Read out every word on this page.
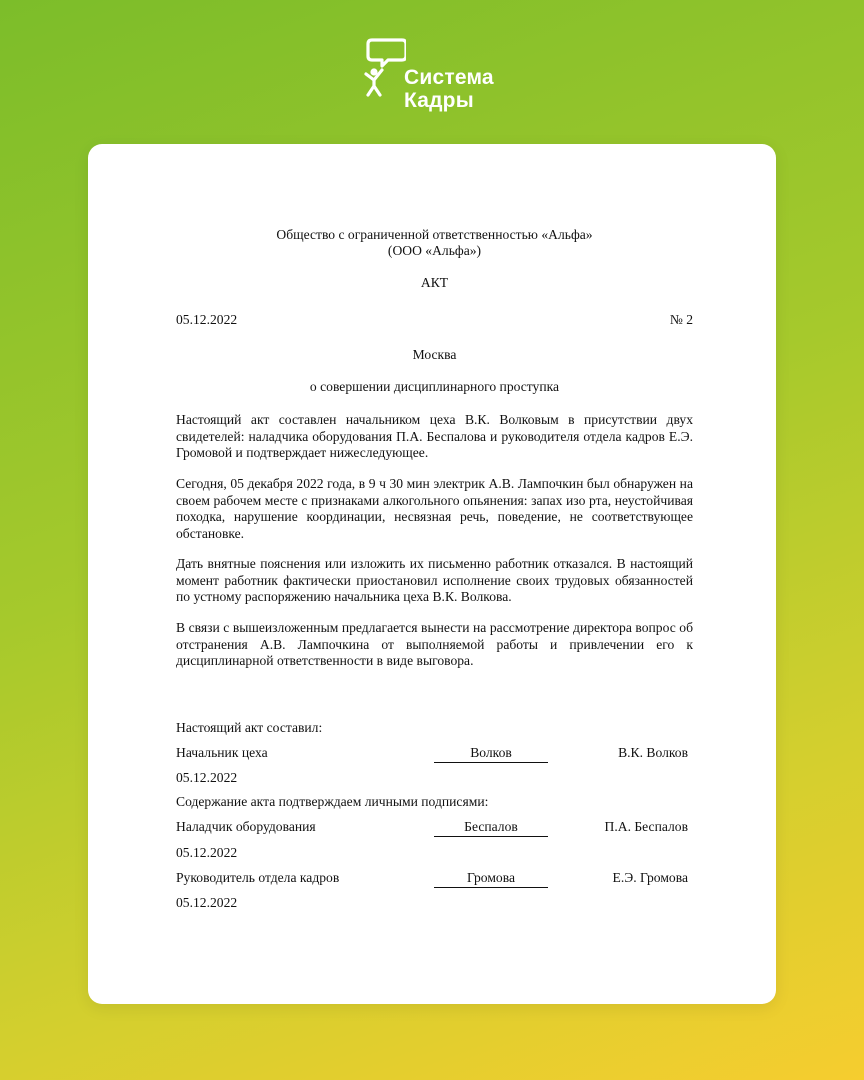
Система
Кадры
Общество с ограниченной ответственностью «Альфа»
(ООО «Альфа»)
АКТ
05.12.2022	№ 2
Москва
о совершении дисциплинарного проступка

Настоящий акт составлен начальником цеха В.К. Волковым в присутствии двух свидетелей: наладчика оборудования П.А. Беспалова и руководителя отдела кадров Е.Э. Громовой и подтверждает нижеследующее.

Сегодня, 05 декабря 2022 года, в 9 ч 30 мин электрик А.В. Лампочкин был обнаружен на своем рабочем месте с признаками алкогольного опьянения: запах изо рта, неустойчивая походка, нарушение координации, несвязная речь, поведение, не соответствующее обстановке.

Дать внятные пояснения или изложить их письменно работник отказался. В настоящий момент работник фактически приостановил исполнение своих трудовых обязанностей по устному распоряжению начальника цеха В.К. Волкова.

В связи с вышеизложенным предлагается вынести на рассмотрение директора вопрос об отстранения А.В. Лампочкина от выполняемой работы и привлечении его к дисциплинарной ответственности в виде выговора.

Настоящий акт составил:
Начальник цеха	Волков	В.К. Волков
05.12.2022
Содержание акта подтверждаем личными подписями:
Наладчик оборудования	Беспалов	П.А. Беспалов
05.12.2022
Руководитель отдела кадров	Громова	Е.Э. Громова
05.12.2022
